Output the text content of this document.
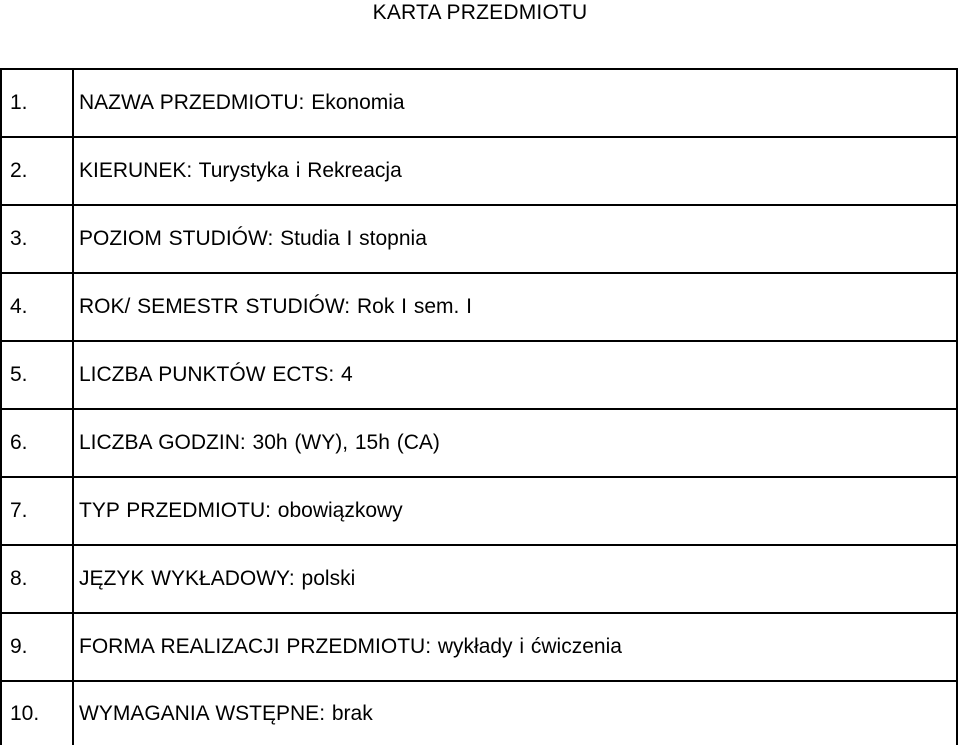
KARTA PRZEDMIOTU
1.	NAZWA PRZEDMIOTU: Ekonomia
2.	KIERUNEK: Turystyka i Rekreacja
3.	POZIOM STUDIÓW: Studia I stopnia
4.	ROK/ SEMESTR STUDIÓW: Rok I sem. I
5.	LICZBA PUNKTÓW ECTS: 4
6.	LICZBA GODZIN: 30h (WY), 15h (CA)
7.	TYP PRZEDMIOTU: obowiązkowy
8.	JĘZYK WYKŁADOWY: polski
9.	FORMA REALIZACJI PRZEDMIOTU: wykłady i ćwiczenia
10.	WYMAGANIA WSTĘPNE: brak
